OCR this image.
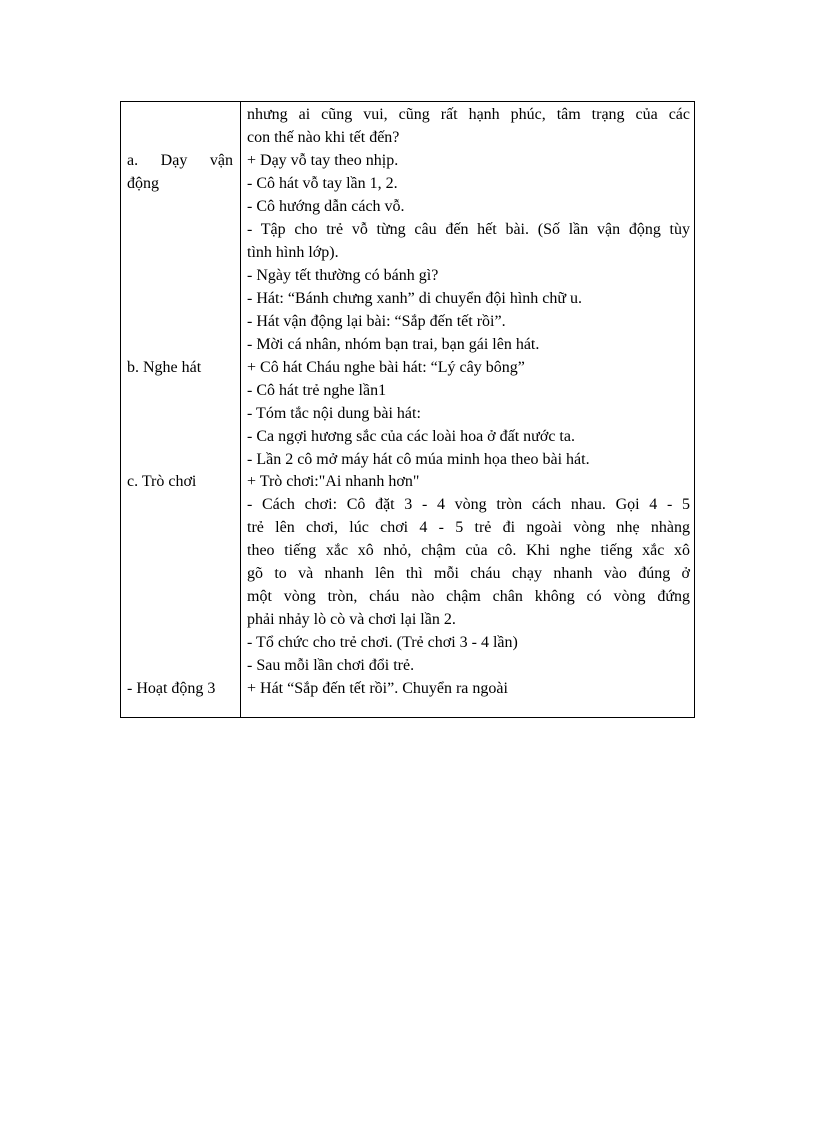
a. Dạy vận
động
b. Nghe hát
c. Trò chơi
- Hoạt động 3
nhưng ai cũng vui, cũng rất hạnh phúc, tâm trạng của các
con thế nào khi tết đến?
+ Dạy vỗ tay theo nhịp.
- Cô hát vỗ tay lần 1, 2.
- Cô hướng dẫn cách vỗ.
- Tập cho trẻ vỗ từng câu đến hết bài. (Số lần vận động tùy
tình hình lớp).
- Ngày tết thường có bánh gì?
- Hát: “Bánh chưng xanh” di chuyển đội hình chữ u.
- Hát vận động lại bài: “Sắp đến tết rồi”.
- Mời cá nhân, nhóm bạn trai, bạn gái lên hát.
+ Cô hát Cháu nghe bài hát: “Lý cây bông”
- Cô hát trẻ nghe lần1
- Tóm tắc nội dung bài hát:
- Ca ngợi hương sắc của các loài hoa ở đất nước ta.
- Lần 2 cô mở máy hát cô múa minh họa theo bài hát.
+ Trò chơi:"Ai nhanh hơn"
- Cách chơi: Cô đặt 3 - 4 vòng tròn cách nhau. Gọi 4 - 5
trẻ lên chơi, lúc chơi 4 - 5 trẻ đi ngoài vòng nhẹ nhàng
theo tiếng xắc xô nhỏ, chậm của cô. Khi nghe tiếng xắc xô
gõ to và nhanh lên thì mỗi cháu chạy nhanh vào đúng ở
một vòng tròn, cháu nào chậm chân không có vòng đứng
phải nhảy lò cò và chơi lại lần 2.
- Tổ chức cho trẻ chơi. (Trẻ chơi 3 - 4 lần)
- Sau mỗi lần chơi đổi trẻ.
+ Hát “Sắp đến tết rồi”. Chuyển ra ngoài
